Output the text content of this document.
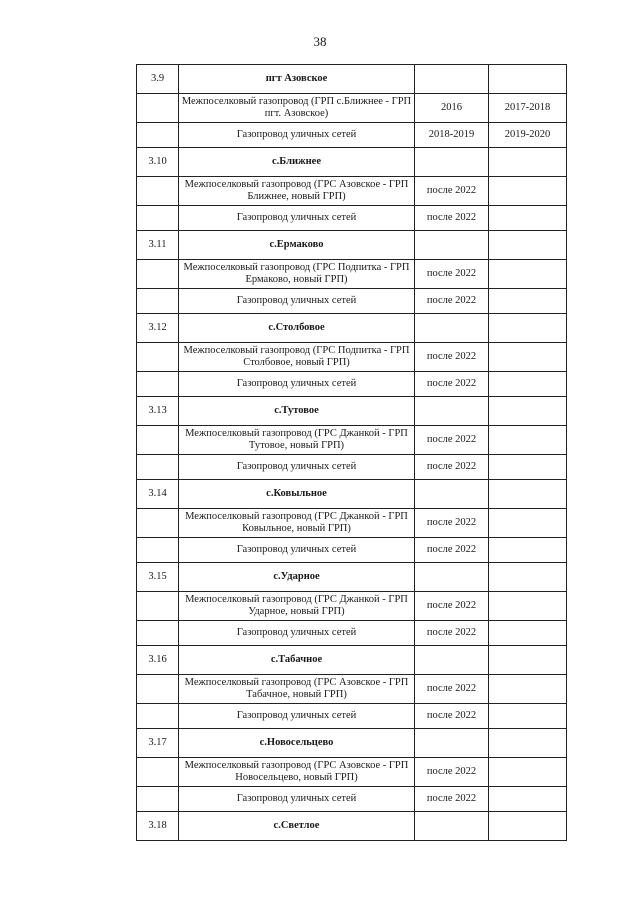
38
3.9	пгт Азовское		
	Межпоселковый газопровод (ГРП с.Ближнее - ГРП пгт. Азовское)	2016	2017-2018
	Газопровод уличных сетей	2018-2019	2019-2020
3.10	с.Ближнее		
	Межпоселковый газопровод (ГРС Азовское - ГРП Ближнее, новый ГРП)	после 2022	
	Газопровод уличных сетей	после 2022	
3.11	с.Ермаково		
	Межпоселковый газопровод (ГРС Подпитка - ГРП Ермаково, новый ГРП)	после 2022	
	Газопровод уличных сетей	после 2022	
3.12	с.Столбовое		
	Межпоселковый газопровод (ГРС Подпитка - ГРП Столбовое, новый ГРП)	после 2022	
	Газопровод уличных сетей	после 2022	
3.13	с.Тутовое		
	Межпоселковый газопровод (ГРС Джанкой - ГРП Тутовое, новый ГРП)	после 2022	
	Газопровод уличных сетей	после 2022	
3.14	с.Ковыльное		
	Межпоселковый газопровод (ГРС Джанкой - ГРП Ковыльное, новый ГРП)	после 2022	
	Газопровод уличных сетей	после 2022	
3.15	с.Ударное		
	Межпоселковый газопровод (ГРС Джанкой - ГРП Ударное, новый ГРП)	после 2022	
	Газопровод уличных сетей	после 2022	
3.16	с.Табачное		
	Межпоселковый газопровод (ГРС Азовское - ГРП Табачное, новый ГРП)	после 2022	
	Газопровод уличных сетей	после 2022	
3.17	с.Новосельцево		
	Межпоселковый газопровод (ГРС Азовское - ГРП Новосельцево, новый ГРП)	после 2022	
	Газопровод уличных сетей	после 2022	
3.18	с.Светлое		
